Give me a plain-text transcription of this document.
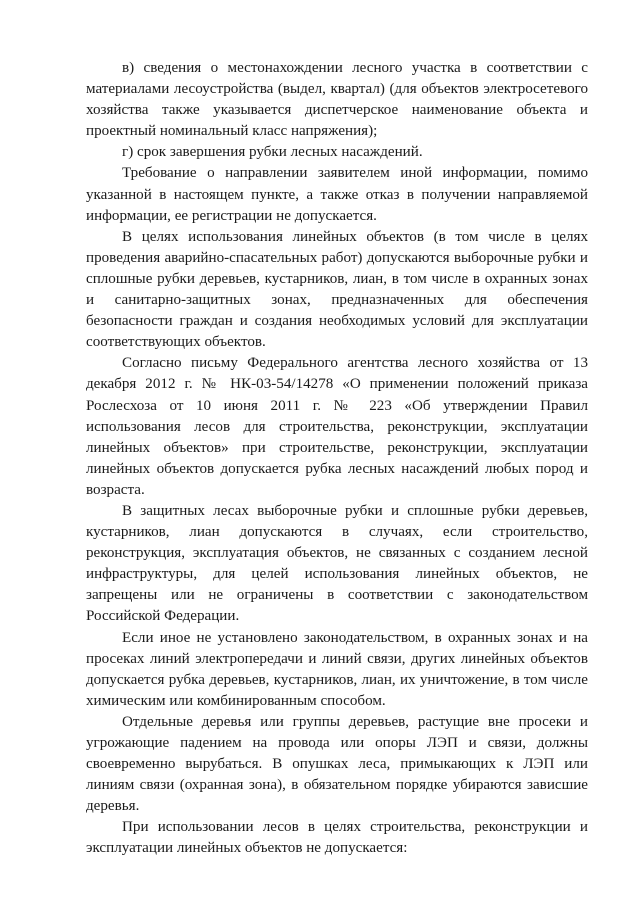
в) сведения о местонахождении лесного участка в соответствии с материалами лесоустройства (выдел, квартал) (для объектов электросетевого хозяйства также указывается диспетчерское наименование объекта и проектный номинальный класс напряжения);

г) срок завершения рубки лесных насаждений.

Требование о направлении заявителем иной информации, помимо указанной в настоящем пункте, а также отказ в получении направляемой информации, ее регистрации не допускается.

В целях использования линейных объектов (в том числе в целях проведения аварийно-спасательных работ) допускаются выборочные рубки и сплошные рубки деревьев, кустарников, лиан, в том числе в охранных зонах и санитарно-защитных зонах, предназначенных для обеспечения безопасности граждан и создания необходимых условий для эксплуатации соответствующих объектов.

Согласно письму Федерального агентства лесного хозяйства от 13 декабря 2012 г. № НК-03-54/14278 «О применении положений приказа Рослесхоза от 10 июня 2011 г. № 223 «Об утверждении Правил использования лесов для строительства, реконструкции, эксплуатации линейных объектов» при строительстве, реконструкции, эксплуатации линейных объектов допускается рубка лесных насаждений любых пород и возраста.

В защитных лесах выборочные рубки и сплошные рубки деревьев, кустарников, лиан допускаются в случаях, если строительство, реконструкция, эксплуатация объектов, не связанных с созданием лесной инфраструктуры, для целей использования линейных объектов, не запрещены или не ограничены в соответствии с законодательством Российской Федерации.

Если иное не установлено законодательством, в охранных зонах и на просеках линий электропередачи и линий связи, других линейных объектов допускается рубка деревьев, кустарников, лиан, их уничтожение, в том числе химическим или комбинированным способом.

Отдельные деревья или группы деревьев, растущие вне просеки и угрожающие падением на провода или опоры ЛЭП и связи, должны своевременно вырубаться. В опушках леса, примыкающих к ЛЭП или линиям связи (охранная зона), в обязательном порядке убираются зависшие деревья.

При использовании лесов в целях строительства, реконструкции и эксплуатации линейных объектов не допускается:
